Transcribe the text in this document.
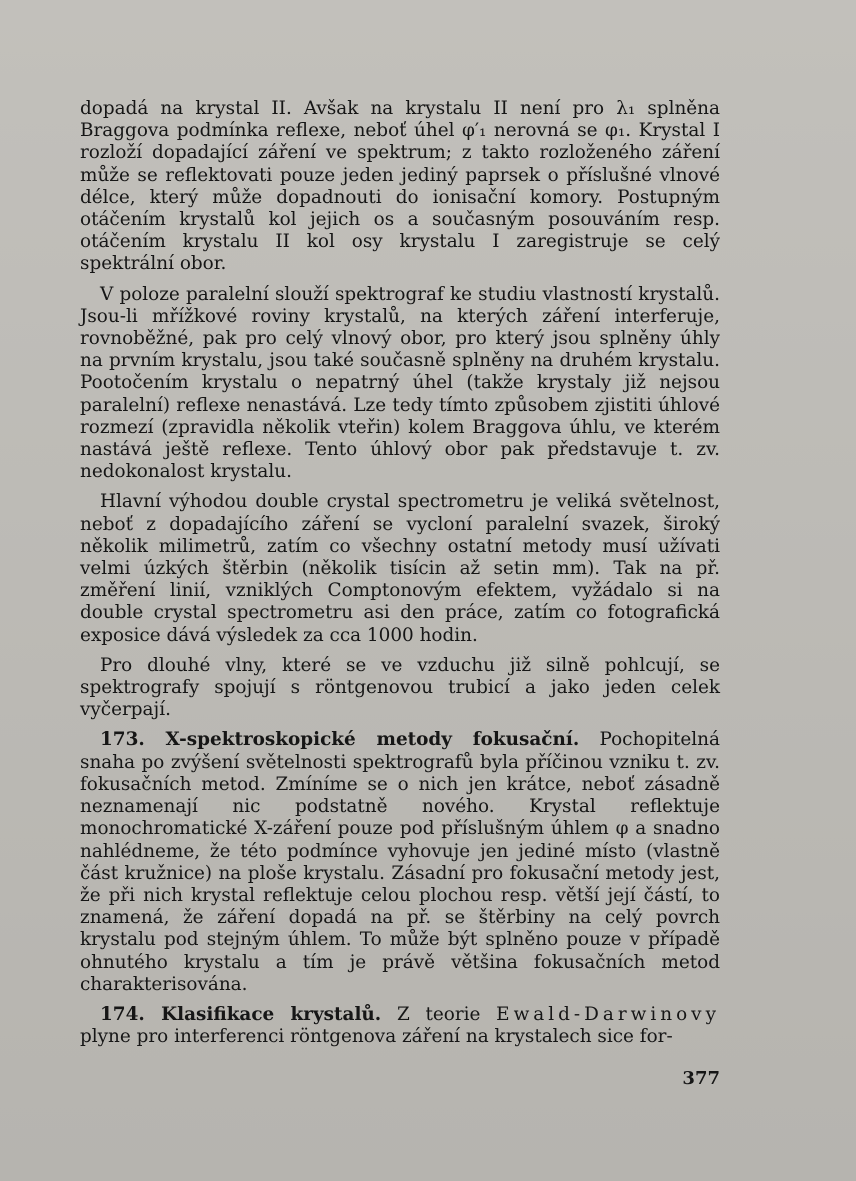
dopadá na krystal II. Avšak na krystalu II není pro λ₁ splněna Braggova podmínka reflexe, neboť úhel φ′₁ nerovná se φ₁. Krystal I rozloží dopadající záření ve spektrum; z takto rozloženého záření může se reflektovati pouze jeden jediný paprsek o příslušné vlnové délce, který může dopadnouti do ionisační komory. Postupným otáčením krystalů kol jejich os a současným posouváním resp. otáčením krystalu II kol osy krystalu I zaregistruje se celý spektrální obor.

V poloze paralelní slouží spektrograf ke studiu vlastností krystalů. Jsou-li mřížkové roviny krystalů, na kterých záření interferuje, rovnoběžné, pak pro celý vlnový obor, pro který jsou splněny úhly na prvním krystalu, jsou také současně splněny na druhém krystalu. Pootočením krystalu o nepatrný úhel (takže krystaly již nejsou paralelní) reflexe nenastává. Lze tedy tímto způsobem zjistiti úhlové rozmezí (zpravidla několik vteřin) kolem Braggova úhlu, ve kterém nastává ještě reflexe. Tento úhlový obor pak představuje t. zv. nedokonalost krystalu.

Hlavní výhodou double crystal spectrometru je veliká světelnost, neboť z dopadajícího záření se vycloní paralelní svazek, široký několik milimetrů, zatím co všechny ostatní metody musí užívati velmi úzkých štěrbin (několik tisícin až setin mm). Tak na př. změření linií, vzniklých Comptonovým efektem, vyžádalo si na double crystal spectrometru asi den práce, zatím co fotografická exposice dává výsledek za cca 1000 hodin.

Pro dlouhé vlny, které se ve vzduchu již silně pohlcují, se spektrografy spojují s röntgenovou trubicí a jako jeden celek vyčerpají.

173. X-spektroskopické metody fokusační. Pochopitelná snaha po zvýšení světelnosti spektrografů byla příčinou vzniku t. zv. fokusačních metod. Zmíníme se o nich jen krátce, neboť zásadně neznamenají nic podstatně nového. Krystal reflektuje monochromatické X-záření pouze pod příslušným úhlem φ a snadno nahlédneme, že této podmínce vyhovuje jen jediné místo (vlastně část kružnice) na ploše krystalu. Zásadní pro fokusační metody jest, že při nich krystal reflektuje celou plochou resp. větší její částí, to znamená, že záření dopadá na př. se štěrbiny na celý povrch krystalu pod stejným úhlem. To může být splněno pouze v případě ohnutého krystalu a tím je právě většina fokusačních metod charakterisována.

174. Klasifikace krystalů. Z teorie Ewald-Darwinovy plyne pro interferenci röntgenova záření na krystalech sice for-

377
